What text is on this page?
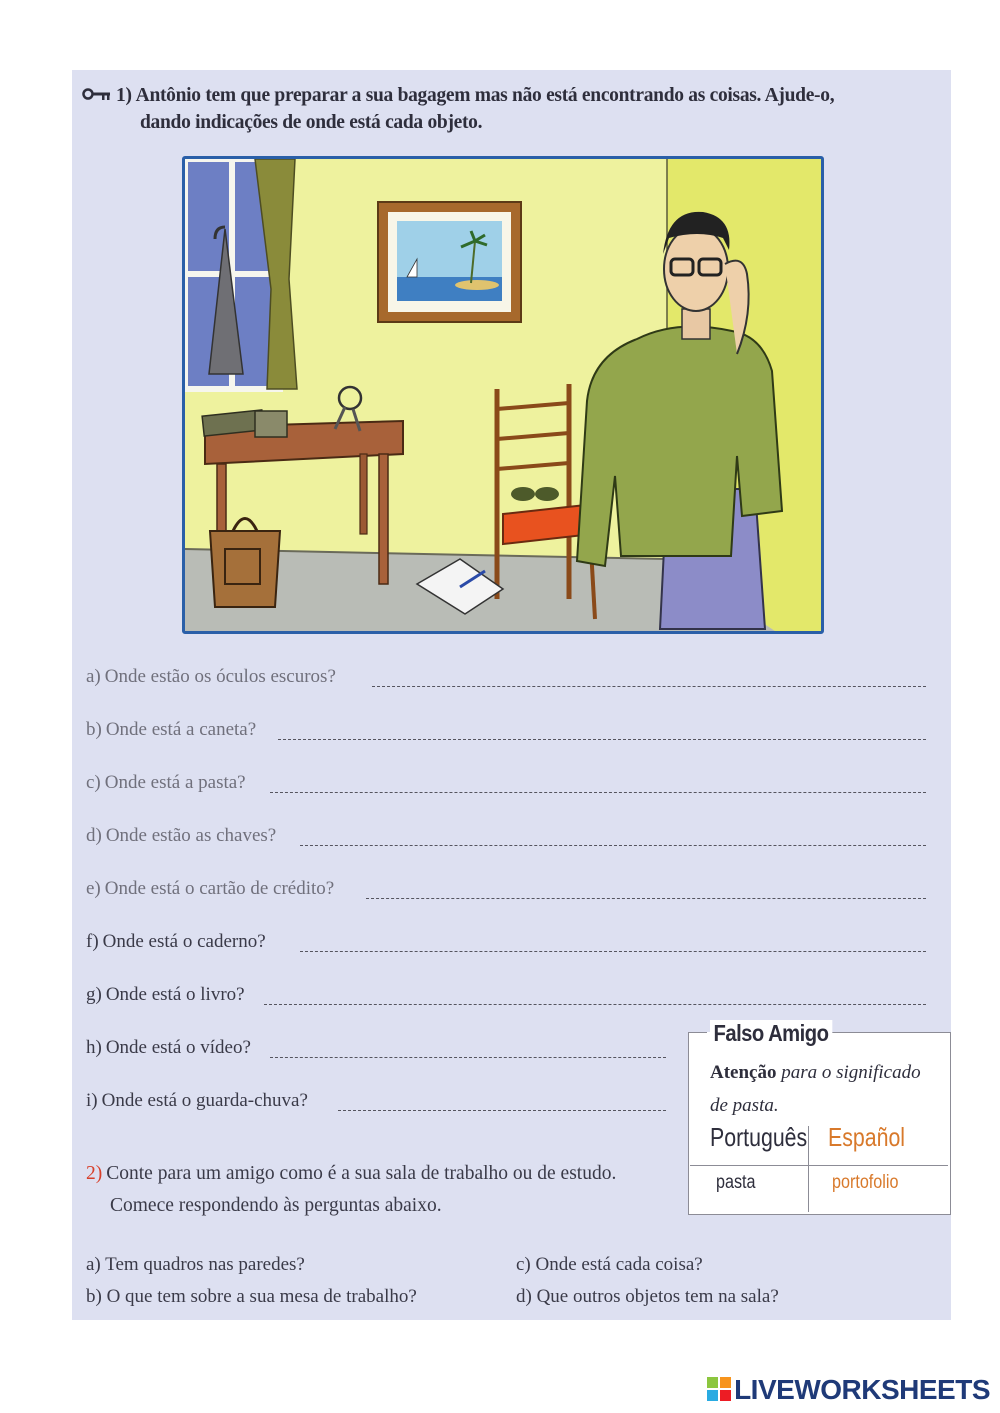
1) Antônio tem que preparar a sua bagagem mas não está encontrando as coisas. Ajude-o,
dando indicações de onde está cada objeto.
a) Onde estão os óculos escuros?
b) Onde está a caneta?
c) Onde está a pasta?
d) Onde estão as chaves?
e) Onde está o cartão de crédito?
f) Onde está o caderno?
g) Onde está o livro?
h) Onde está o vídeo?
i) Onde está o guarda-chuva?
Falso Amigo
Atenção para o significado
de pasta.
Português Español
pasta	portofolio
2) Conte para um amigo como é a sua sala de trabalho ou de estudo.
Comece respondendo às perguntas abaixo.
a) Tem quadros nas paredes?
b) O que tem sobre a sua mesa de trabalho?
c) Onde está cada coisa?
d) Que outros objetos tem na sala?
LIVEWORKSHEETS
